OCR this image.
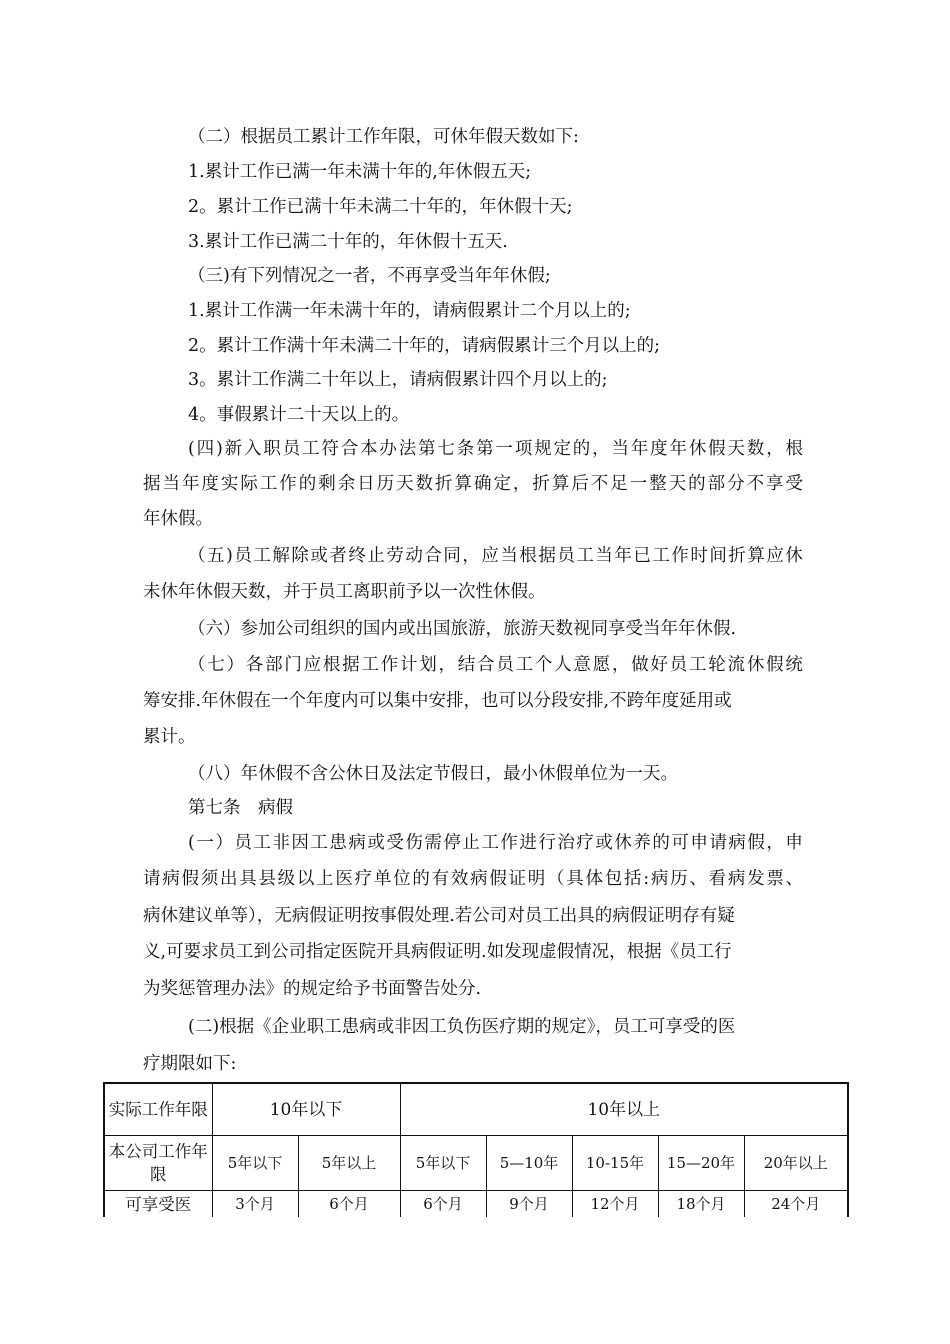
（二）根据员工累计工作年限，可休年假天数如下:
1.累计工作已满一年未满十年的,年休假五天;
2。累计工作已满十年未满二十年的，年休假十天;
3.累计工作已满二十年的，年休假十五天.
（三)有下列情况之一者，不再享受当年年休假;
1.累计工作满一年未满十年的，请病假累计二个月以上的;
2。累计工作满十年未满二十年的，请病假累计三个月以上的;
3。累计工作满二十年以上，请病假累计四个月以上的;
4。事假累计二十天以上的。
(四)新入职员工符合本办法第七条第一项规定的，当年度年休假天数，根
据当年度实际工作的剩余日历天数折算确定，折算后不足一整天的部分不享受
年休假。
（五)员工解除或者终止劳动合同，应当根据员工当年已工作时间折算应休
未休年休假天数，并于员工离职前予以一次性休假。
（六）参加公司组织的国内或出国旅游，旅游天数视同享受当年年休假.
（七）各部门应根据工作计划，结合员工个人意愿，做好员工轮流休假统
筹安排.年休假在一个年度内可以集中安排，也可以分段安排,不跨年度延用或
累计。
（八）年休假不含公休日及法定节假日，最小休假单位为一天。
第七条　病假
(一）员工非因工患病或受伤需停止工作进行治疗或休养的可申请病假，申
请病假须出具县级以上医疗单位的有效病假证明（具体包括:病历、看病发票、
病休建议单等），无病假证明按事假处理.若公司对员工出具的病假证明存有疑
义,可要求员工到公司指定医院开具病假证明.如发现虚假情况，根据《员工行
为奖惩管理办法》的规定给予书面警告处分.
(二)根据《企业职工患病或非因工负伤医疗期的规定》，员工可享受的医
疗期限如下:
实际工作年限	10年以下		10年以上				
本公司工作年限	5年以下	5年以上	5年以下	5—10年	10-15年	15—20年	20年以上
可享受医	3个月	6个月	6个月	9个月	12个月	18个月	24个月
